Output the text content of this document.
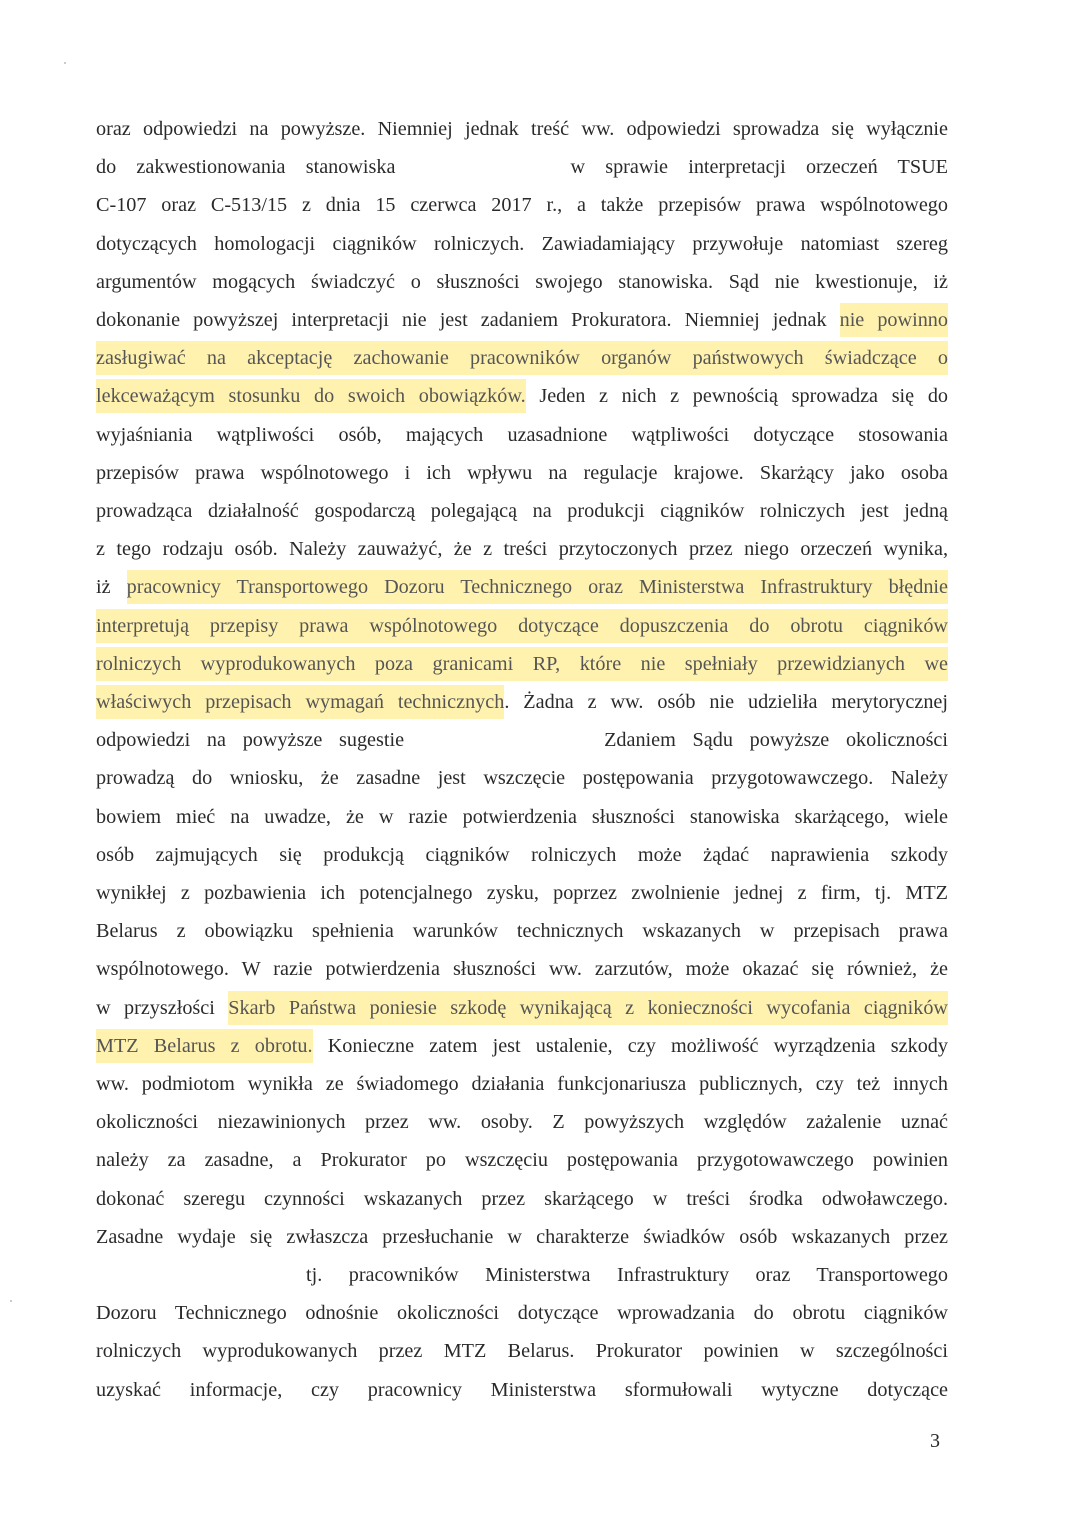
oraz odpowiedzi na powyższe. Niemniej jednak treść ww. odpowiedzi sprowadza się wyłącznie
do zakwestionowania stanowiska	w sprawie interpretacji orzeczeń TSUE
C-107 oraz C-513/15 z dnia 15 czerwca 2017 r., a także przepisów prawa wspólnotowego
dotyczących homologacji ciągników rolniczych. Zawiadamiający przywołuje natomiast szereg
argumentów mogących świadczyć o słuszności swojego stanowiska. Sąd nie kwestionuje, iż
dokonanie powyższej interpretacji nie jest zadaniem Prokuratora. Niemniej jednak nie powinno
zasługiwać na akceptację zachowanie pracowników organów państwowych świadczące o
lekceważącym stosunku do swoich obowiązków. Jeden z nich z pewnością sprowadza się do
wyjaśniania wątpliwości osób, mających uzasadnione wątpliwości dotyczące stosowania
przepisów prawa wspólnotowego i ich wpływu na regulacje krajowe. Skarżący jako osoba
prowadząca działalność gospodarczą polegającą na produkcji ciągników rolniczych jest jedną
z tego rodzaju osób. Należy zauważyć, że z treści przytoczonych przez niego orzeczeń wynika,
iż pracownicy Transportowego Dozoru Technicznego oraz Ministerstwa Infrastruktury błędnie
interpretują przepisy prawa wspólnotowego dotyczące dopuszczenia do obrotu ciągników
rolniczych wyprodukowanych poza granicami RP, które nie spełniały przewidzianych we
właściwych przepisach wymagań technicznych. Żadna z ww. osób nie udzieliła merytorycznej
odpowiedzi na powyższe sugestie	Zdaniem Sądu powyższe okoliczności
prowadzą do wniosku, że zasadne jest wszczęcie postępowania przygotowawczego. Należy
bowiem mieć na uwadze, że w razie potwierdzenia słuszności stanowiska skarżącego, wiele
osób zajmujących się produkcją ciągników rolniczych może żądać naprawienia szkody
wynikłej z pozbawienia ich potencjalnego zysku, poprzez zwolnienie jednej z firm, tj. MTZ
Belarus z obowiązku spełnienia warunków technicznych wskazanych w przepisach prawa
wspólnotowego. W razie potwierdzenia słuszności ww. zarzutów, może okazać się również, że
w przyszłości Skarb Państwa poniesie szkodę wynikającą z konieczności wycofania ciągników
MTZ Belarus z obrotu. Konieczne zatem jest ustalenie, czy możliwość wyrządzenia szkody
ww. podmiotom wynikła ze świadomego działania funkcjonariusza publicznych, czy też innych
okoliczności niezawinionych przez ww. osoby. Z powyższych względów zażalenie uznać
należy za zasadne, a Prokurator po wszczęciu postępowania przygotowawczego powinien
dokonać szeregu czynności wskazanych przez skarżącego w treści środka odwoławczego.
Zasadne wydaje się zwłaszcza przesłuchanie w charakterze świadków osób wskazanych przez
tj. pracowników Ministerstwa Infrastruktury oraz Transportowego
Dozoru Technicznego odnośnie okoliczności dotyczące wprowadzania do obrotu ciągników
rolniczych wyprodukowanych przez MTZ Belarus. Prokurator powinien w szczególności
uzyskać informacje, czy pracownicy Ministerstwa sformułowali wytyczne dotyczące
3
